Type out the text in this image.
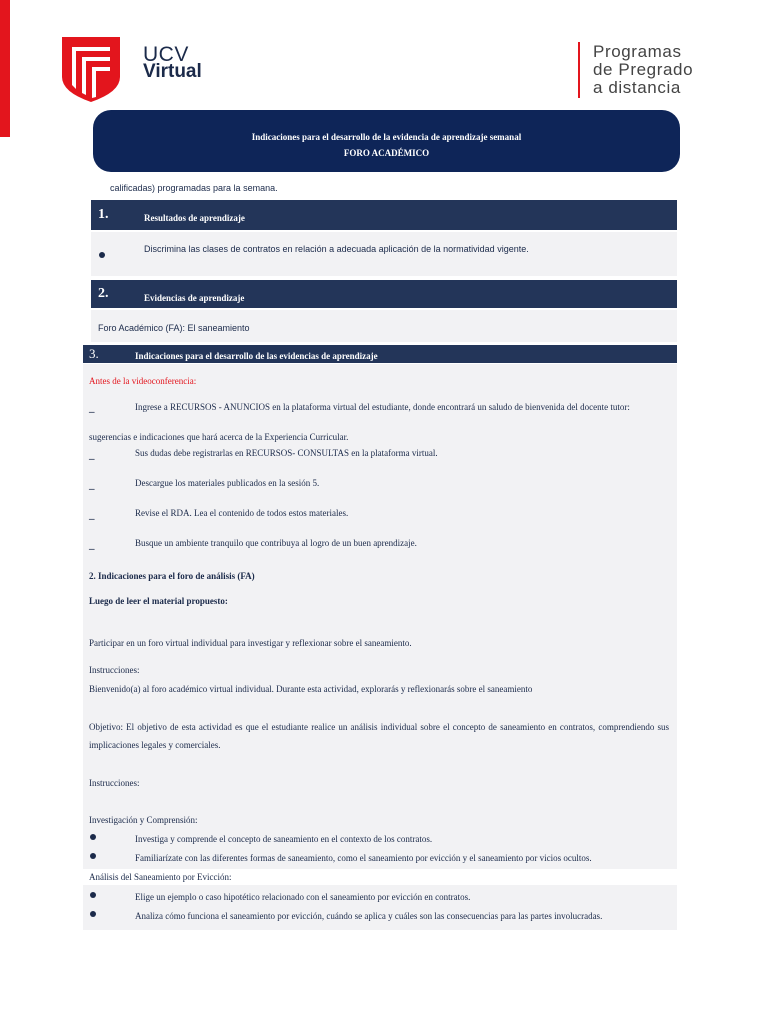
UCV
Virtual
Programas
de Pregrado
a distancia
calificadas) programadas para la semana.
Indicaciones para el desarrollo de la evidencia de aprendizaje semanal
FORO ACADÉMICO
1.	Resultados de aprendizaje
Discrimina las clases de contratos en relación a adecuada aplicación de la normatividad vigente.
2.	Evidencias de aprendizaje
Foro Académico (FA): El saneamiento
3.	Indicaciones para el desarrollo de las evidencias de aprendizaje
Antes de la videoconferencia:
_	Ingrese a RECURSOS - ANUNCIOS en la plataforma virtual del estudiante, donde encontrará un saludo de bienvenida del docente tutor:
sugerencias e indicaciones que hará acerca de la Experiencia Curricular.
_	Sus dudas debe registrarlas en RECURSOS- CONSULTAS en la plataforma virtual.
_	Descargue los materiales publicados en la sesión 5.
_	Revise el RDA. Lea el contenido de todos estos materiales.
_	Busque un ambiente tranquilo que contribuya al logro de un buen aprendizaje.
2. Indicaciones para el foro de análisis (FA)
Luego de leer el material propuesto:
Participar en un foro virtual individual para investigar y reflexionar sobre el saneamiento.
Instrucciones:
Bienvenido(a) al foro académico virtual individual. Durante esta actividad, explorarás y reflexionarás sobre el saneamiento
Objetivo: El objetivo de esta actividad es que el estudiante realice un análisis individual sobre el concepto de saneamiento en contratos, comprendiendo sus
implicaciones legales y comerciales.
Instrucciones:
Investigación y Comprensión:
Investiga y comprende el concepto de saneamiento en el contexto de los contratos.
Familiarízate con las diferentes formas de saneamiento, como el saneamiento por evicción y el saneamiento por vicios ocultos.
Análisis del Saneamiento por Evicción:
Elige un ejemplo o caso hipotético relacionado con el saneamiento por evicción en contratos.
Analiza cómo funciona el saneamiento por evicción, cuándo se aplica y cuáles son las consecuencias para las partes involucradas.
